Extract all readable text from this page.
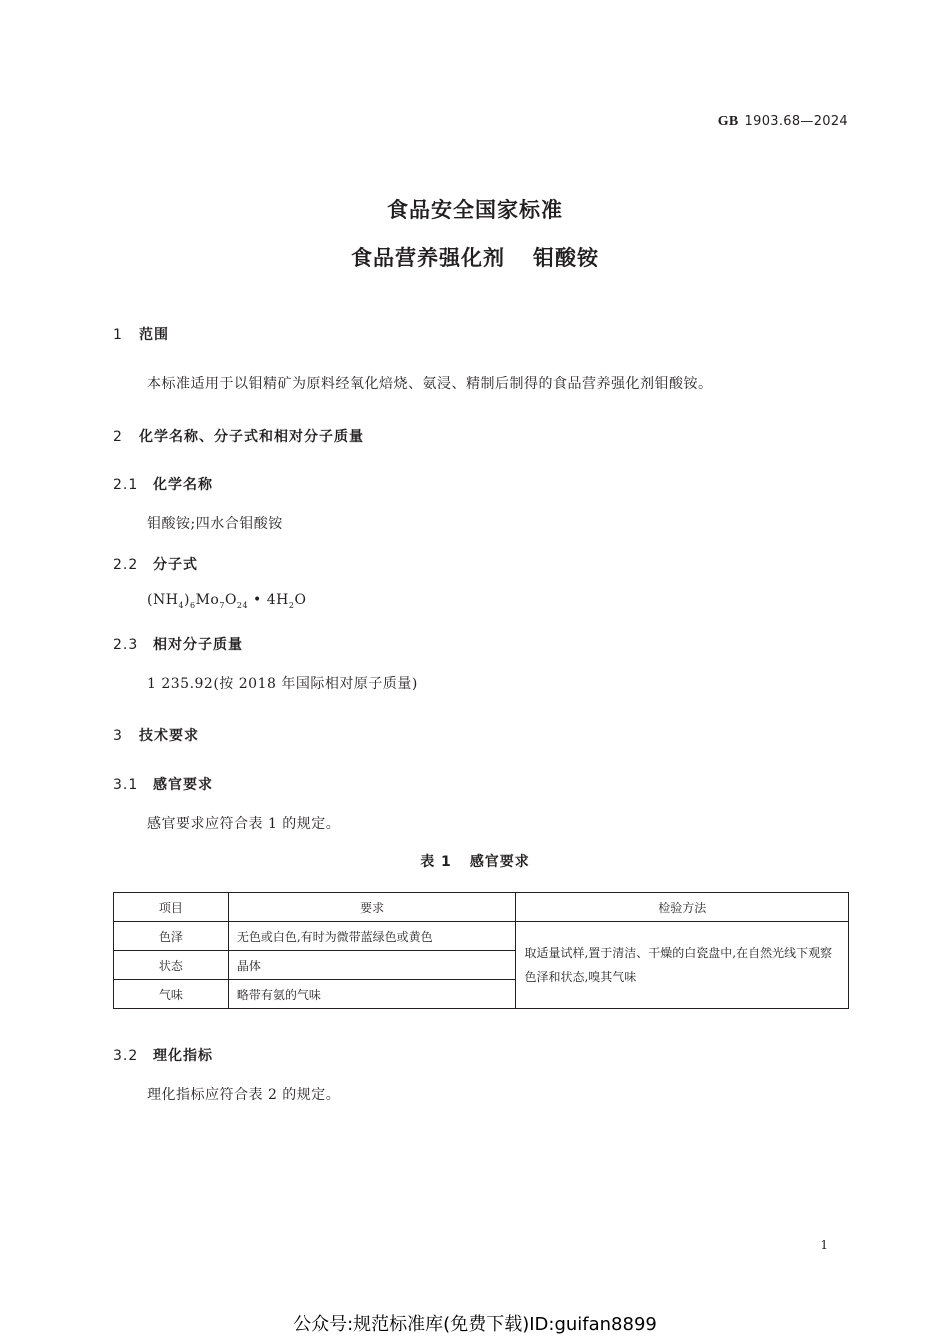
GB 1903.68—2024
食品安全国家标准
食品营养强化剂 钼酸铵
1 范围
本标准适用于以钼精矿为原料经氧化焙烧、氨浸、精制后制得的食品营养强化剂钼酸铵。
2 化学名称、分子式和相对分子质量
2.1 化学名称
钼酸铵;四水合钼酸铵
2.2 分子式
$(NH_4)_6Mo_7O_{24}$ • $4H_2O$
2.3 相对分子质量
1 235.92(按 2018 年国际相对原子质量)
3 技术要求
3.1 感官要求
感官要求应符合表 1 的规定。
表 1 感官要求
项目	要求	检验方法
色泽	无色或白色,有时为微带蓝绿色或黄色	取适量试样,置于清洁、干燥的白瓷盘中,在自然光线下观察色泽和状态,嗅其气味
状态	晶体	
气味	略带有氨的气味	
3.2 理化指标
理化指标应符合表 2 的规定。
1
公众号:规范标准库(免费下载)ID:guifan8899
